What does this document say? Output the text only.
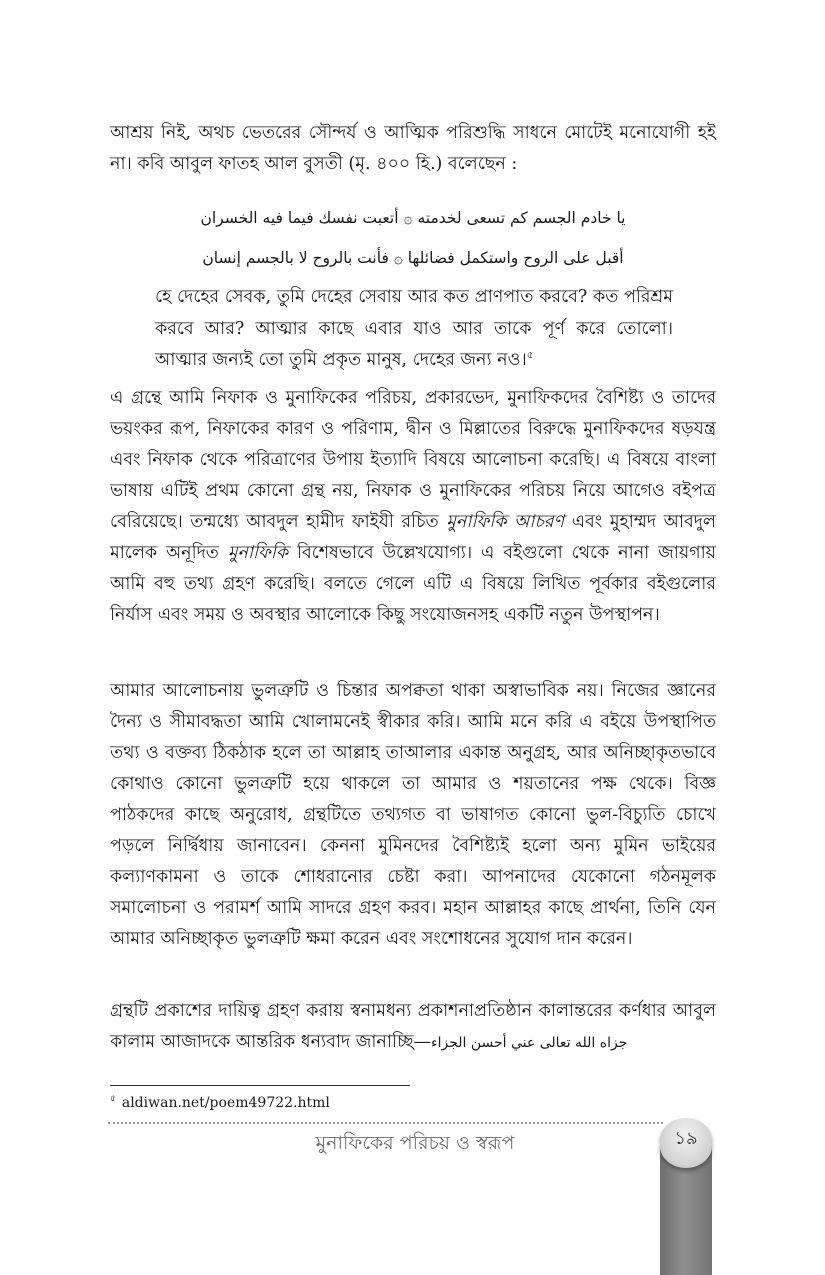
আশ্রয় নিই, অথচ ভেতরের সৌন্দর্য ও আত্মিক পরিশুদ্ধি সাধনে মোটেই মনোযোগী হই না। কবি আবুল ফাতহ আল বুসতী (মৃ. ৪০০ হি.) বলেছেন :

يا خادم الجسم كم تسعى لخدمته ۞ أتعبت نفسك فيما فيه الخسران

أقبل على الروح واستكمل فضائلها ۞ فأنت بالروح لا بالجسم إنسان

হে দেহের সেবক, তুমি দেহের সেবায় আর কত প্রাণপাত করবে? কত পরিশ্রম করবে আর? আত্মার কাছে এবার যাও আর তাকে পূর্ণ করে তোলো। আত্মার জন্যই তো তুমি প্রকৃত মানুষ, দেহের জন্য নও।$^৫$

এ গ্রন্থে আমি নিফাক ও মুনাফিকের পরিচয়, প্রকারভেদ, মুনাফিকদের বৈশিষ্ট্য ও তাদের ভয়ংকর রূপ, নিফাকের কারণ ও পরিণাম, দ্বীন ও মিল্লাতের বিরুদ্ধে মুনাফিকদের ষড়যন্ত্র এবং নিফাক থেকে পরিত্রাণের উপায় ইত্যাদি বিষয়ে আলোচনা করেছি। এ বিষয়ে বাংলা ভাষায় এটিই প্রথম কোনো গ্রন্থ নয়, নিফাক ও মুনাফিকের পরিচয় নিয়ে আগেও বইপত্র বেরিয়েছে। তন্মধ্যে আবদুল হামীদ ফাইযী রচিত মুনাফিকি আচরণ এবং মুহাম্মদ আবদুল মালেক অনূদিত মুনাফিকি বিশেষভাবে উল্লেখযোগ্য। এ বইগুলো থেকে নানা জায়গায় আমি বহু তথ্য গ্রহণ করেছি। বলতে গেলে এটি এ বিষয়ে লিখিত পূর্বকার বইগুলোর নির্যাস এবং সময় ও অবস্থার আলোকে কিছু সংযোজনসহ একটি নতুন উপস্থাপন।

আমার আলোচনায় ভুলত্রুটি ও চিন্তার অপক্বতা থাকা অস্বাভাবিক নয়। নিজের জ্ঞানের দৈন্য ও সীমাবদ্ধতা আমি খোলামনেই স্বীকার করি। আমি মনে করি এ বইয়ে উপস্থাপিত তথ্য ও বক্তব্য ঠিকঠাক হলে তা আল্লাহ তাআলার একান্ত অনুগ্রহ, আর অনিচ্ছাকৃতভাবে কোথাও কোনো ভুলত্রুটি হয়ে থাকলে তা আমার ও শয়তানের পক্ষ থেকে। বিজ্ঞ পাঠকদের কাছে অনুরোধ, গ্রন্থটিতে তথ্যগত বা ভাষাগত কোনো ভুল-বিচ্যুতি চোখে পড়লে নির্দ্বিধায় জানাবেন। কেননা মুমিনদের বৈশিষ্ট্যই হলো অন্য মুমিন ভাইয়ের কল্যাণকামনা ও তাকে শোধরানোর চেষ্টা করা। আপনাদের যেকোনো গঠনমূলক সমালোচনা ও পরামর্শ আমি সাদরে গ্রহণ করব। মহান আল্লাহর কাছে প্রার্থনা, তিনি যেন আমার অনিচ্ছাকৃত ভুলত্রুটি ক্ষমা করেন এবং সংশোধনের সুযোগ দান করেন।

গ্রন্থটি প্রকাশের দায়িত্ব গ্রহণ করায় স্বনামধন্য প্রকাশনাপ্রতিষ্ঠান কালান্তরের কর্ণধার আবুল কালাম আজাদকে আন্তরিক ধন্যবাদ জানাচ্ছি—جزاه الله تعالى عني أحسن الجزاء

$^৫$ aldiwan.net/poem49722.html

মুনাফিকের পরিচয় ও স্বরূপ	১৯
